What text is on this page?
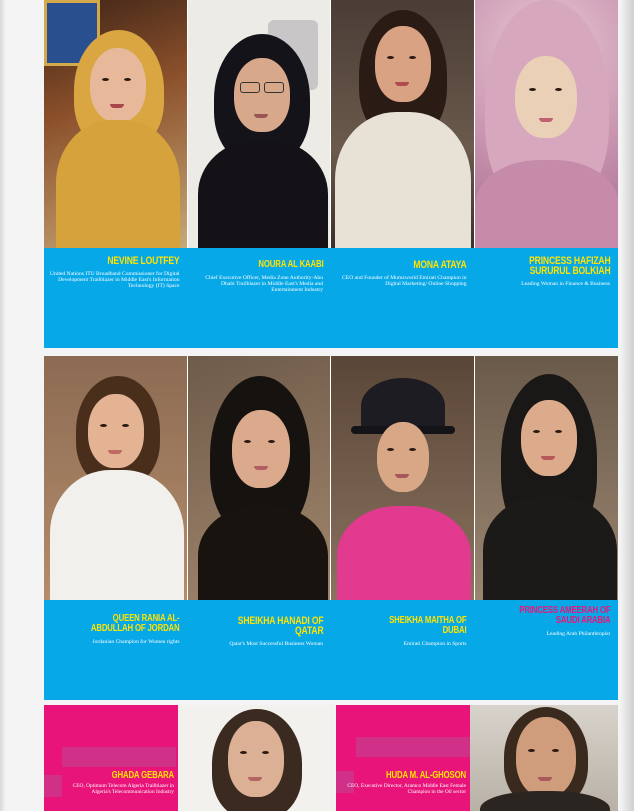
NEVINE LOUTFEY
United Nations ITU Broadband Commissioner for Digital Development Trailblazer in Middle East's Information Technology (IT) Space
NOURA AL KAABI
Chief Executive Officer, Media Zone Authority-Abu Dhabi Trailblazer in Middle East's Media and Entertainment Industry
MONA ATAYA
CEO and Founder of Mumzworld Emirati Champion in Digital Marketing/ Online Shopping
PRINCESS HAFIZAH SURURUL BOLKIAH
Leading Woman in Finance & Business
QUEEN RANIA AL-ABDULLAH OF JORDAN
Jordanian Champion for Women rights
SHEIKHA HANADI OF QATAR
Qatar's Most Successful Business Woman
SHEIKHA MAITHA OF DUBAI
Emirati Champion in Sports
PRINCESS AMEERAH OF SAUDI ARABIA
Leading Arab Philanthropist
GHADA GEBARA
CEO, Optimum Telecom Algeria Trailblazer in Algeria's Telecommunication Industry
HUDA M. AL-GHOSON
CEO, Executive Director, Aramco Middle East Female Champion in the Oil sector
